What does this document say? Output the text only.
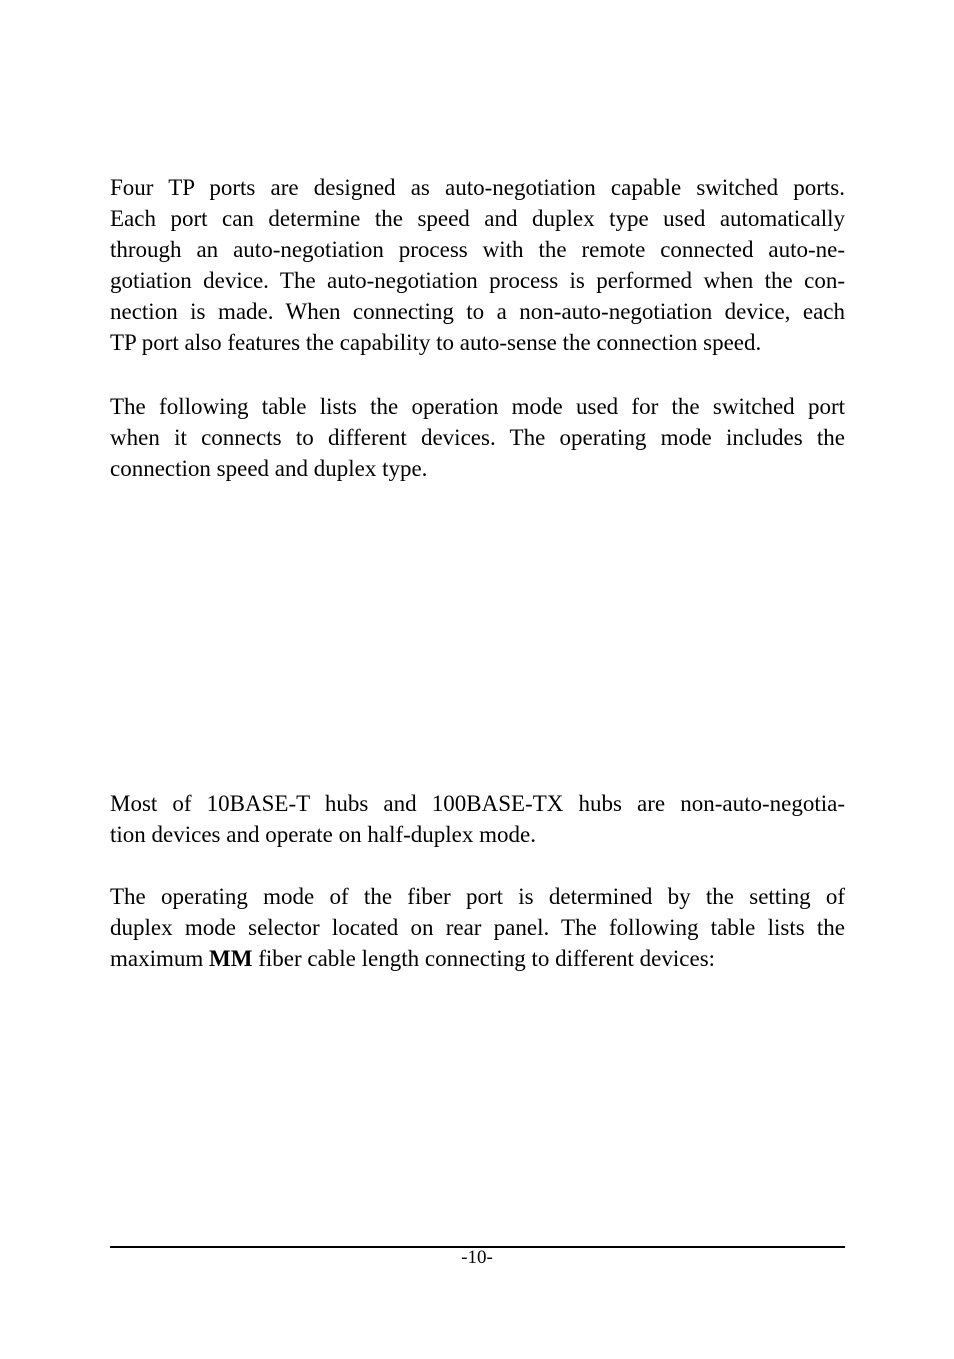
Four TP ports are designed as auto-negotiation capable switched ports.
Each port can determine the speed and duplex type used automatically
through an auto-negotiation process with the remote connected auto-ne-
gotiation device. The auto-negotiation process is performed when the con-
nection is made. When connecting to a non-auto-negotiation device, each
TP port also features the capability to auto-sense the connection speed.
The following table lists the operation mode used for the switched port
when it connects to different devices. The operating mode includes the
connection speed and duplex type.
Most of 10BASE-T hubs and 100BASE-TX hubs are non-auto-negotia-
tion devices and operate on half-duplex mode.
The operating mode of the fiber port is determined by the setting of
duplex mode selector located on rear panel. The following table lists the
maximum MM fiber cable length connecting to different devices:
-10-
